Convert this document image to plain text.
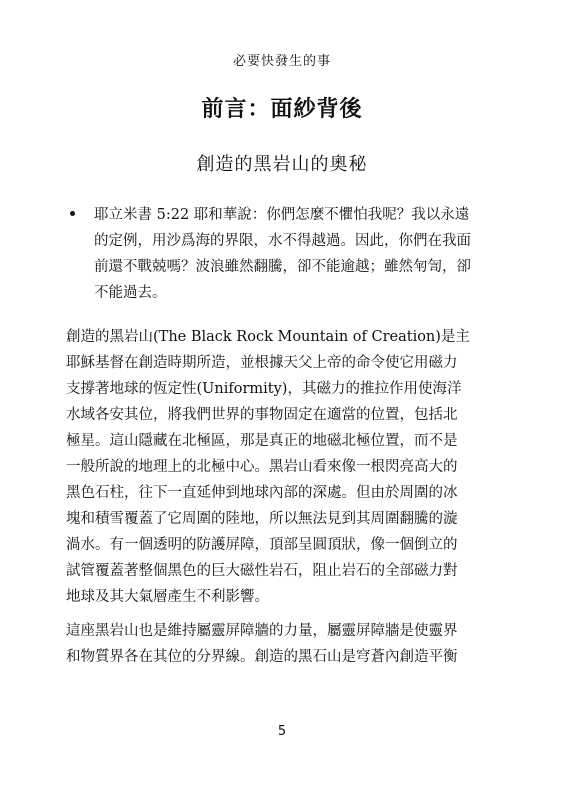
必要快發生的事
前言：面紗背後
創造的黑岩山的奧秘
耶立米書 5:22 耶和華說：你們怎麼不懼怕我呢？我以永遠
的定例，用沙爲海的界限，水不得越過。因此，你們在我面
前還不戰兢嗎？波浪雖然翻騰，卻不能逾越；雖然匉訇，卻
不能過去。
創造的黑岩山(The Black Rock Mountain of Creation)是主
耶穌基督在創造時期所造，並根據天父上帝的命令使它用磁力
支撐著地球的恆定性(Uniformity)，其磁力的推拉作用使海洋
水域各安其位，將我們世界的事物固定在適當的位置，包括北
極星。這山隱藏在北極區，那是真正的地磁北極位置，而不是
一般所說的地理上的北極中心。黑岩山看來像一根閃亮高大的
黑色石柱，往下一直延伸到地球內部的深處。但由於周圍的冰
塊和積雪覆蓋了它周圍的陸地，所以無法見到其周圍翻騰的漩
渦水。有一個透明的防護屏障，頂部呈圓頂狀，像一個倒立的
試管覆蓋著整個黑色的巨大磁性岩石，阻止岩石的全部磁力對
地球及其大氣層產生不利影響。
這座黑岩山也是維持屬靈屏障牆的力量，屬靈屏障牆是使靈界
和物質界各在其位的分界線。創造的黑石山是穹蒼內創造平衡
5
